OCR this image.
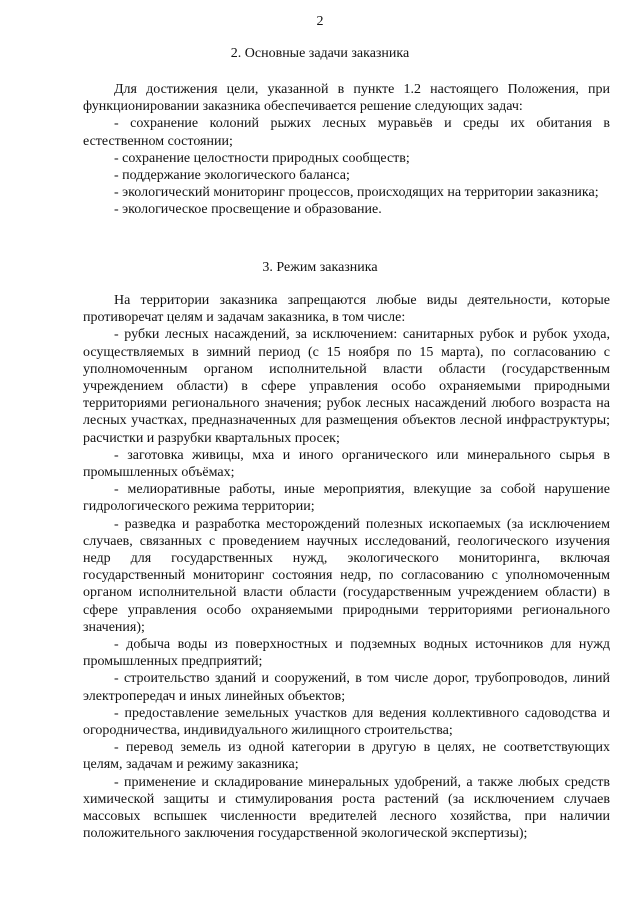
2
2. Основные задачи заказника

Для достижения цели, указанной в пункте 1.2 настоящего Положения, при функционировании заказника обеспечивается решение следующих задач:

- сохранение колоний рыжих лесных муравьёв и среды их обитания в естественном состоянии;

- сохранение целостности природных сообществ;

- поддержание экологического баланса;

- экологический мониторинг процессов, происходящих на территории заказника;

- экологическое просвещение и образование.

3. Режим заказника

На территории заказника запрещаются любые виды деятельности, которые противоречат целям и задачам заказника, в том числе:

- рубки лесных насаждений, за исключением: санитарных рубок и рубок ухода, осуществляемых в зимний период (с 15 ноября по 15 марта), по согласованию с уполномоченным органом исполнительной власти области (государственным учреждением области) в сфере управления особо охраняемыми природными территориями регионального значения; рубок лесных насаждений любого возраста на лесных участках, предназначенных для размещения объектов лесной инфраструктуры; расчистки и разрубки квартальных просек;

- заготовка живицы, мха и иного органического или минерального сырья в промышленных объёмах;

- мелиоративные работы, иные мероприятия, влекущие за собой нарушение гидрологического режима территории;

- разведка и разработка месторождений полезных ископаемых (за исключением случаев, связанных с проведением научных исследований, геологического изучения недр для государственных нужд, экологического мониторинга, включая государственный мониторинг состояния недр, по согласованию с уполномоченным органом исполнительной власти области (государственным учреждением области) в сфере управления особо охраняемыми природными территориями регионального значения);

- добыча воды из поверхностных и подземных водных источников для нужд промышленных предприятий;

- строительство зданий и сооружений, в том числе дорог, трубопроводов, линий электропередач и иных линейных объектов;

- предоставление земельных участков для ведения коллективного садоводства и огородничества, индивидуального жилищного строительства;

- перевод земель из одной категории в другую в целях, не соответствующих целям, задачам и режиму заказника;

- применение и складирование минеральных удобрений, а также любых средств химической защиты и стимулирования роста растений (за исключением случаев массовых вспышек численности вредителей лесного хозяйства, при наличии положительного заключения государственной экологической экспертизы);
